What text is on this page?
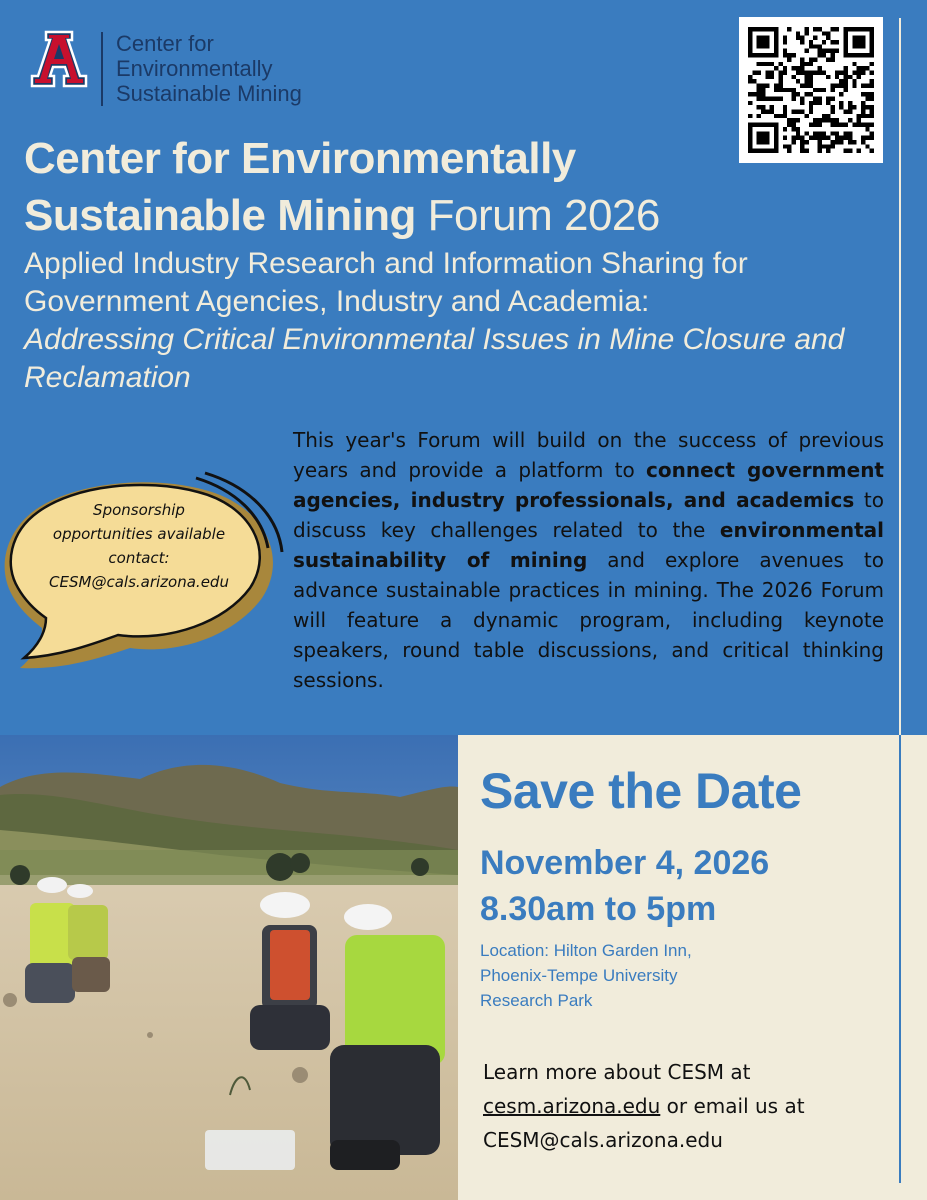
Center for
Environmentally
Sustainable Mining
Center for Environmentally
Sustainable Mining Forum 2026
Applied Industry Research and Information Sharing for
Government Agencies, Industry and Academia:
Addressing Critical Environmental Issues in Mine Closure and Reclamation
Sponsorship
opportunities available
contact:
CESM@cals.arizona.edu
This year's Forum will build on the success of previous years and provide a platform to connect government agencies, industry professionals, and academics to discuss key challenges related to the environmental sustainability of mining and explore avenues to advance sustainable practices in mining. The 2026 Forum will feature a dynamic program, including keynote speakers, round table discussions, and critical thinking sessions.
Save the Date
November 4, 2026
8.30am to 5pm
Location: Hilton Garden Inn,
Phoenix-Tempe University
Research Park
Learn more about CESM at
cesm.arizona.edu or email us at
CESM@cals.arizona.edu
